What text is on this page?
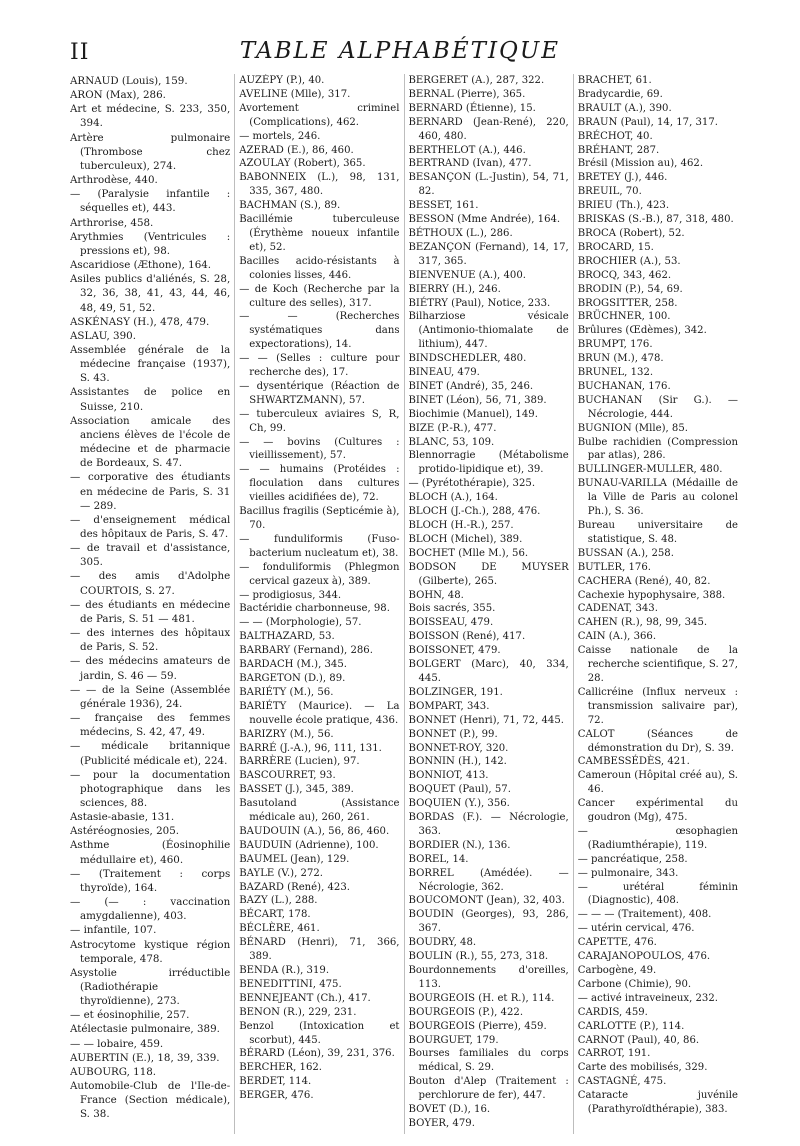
II	TABLE ALPHABÉTIQUE

ARNAUD (Louis), 159.

ARON (Max), 286.

Art et médecine, S. 233, 350, 394.

Artère pulmonaire (Thrombose chez tuberculeux), 274.

Arthrodèse, 440.

— (Paralysie infantile : séquelles et), 443.

Arthrorise, 458.

Arythmies (Ventricules : pressions et), 98.

Ascaridiose (Æthone), 164.

Asiles publics d'aliénés, S. 28, 32, 36, 38, 41, 43, 44, 46, 48, 49, 51, 52.

ASKÉNASY (H.), 478, 479.

ASLAU, 390.

Assemblée générale de la médecine française (1937), S. 43.

Assistantes de police en Suisse, 210.

Association amicale des anciens élèves de l'école de médecine et de pharmacie de Bordeaux, S. 47.

— corporative des étudiants en médecine de Paris, S. 31 — 289.

— d'enseignement médical des hôpitaux de Paris, S. 47.

— de travail et d'assistance, 305.

— des amis d'Adolphe COURTOIS, S. 27.

— des étudiants en médecine de Paris, S. 51 — 481.

— des internes des hôpitaux de Paris, S. 52.

— des médecins amateurs de jardin, S. 46 — 59.

— — de la Seine (Assemblée générale 1936), 24.

— française des femmes médecins, S. 42, 47, 49.

— médicale britannique (Publicité médicale et), 224.

— pour la documentation photographique dans les sciences, 88.

Astasie-abasie, 131.

Astéréognosies, 205.

Asthme (Éosinophilie médullaire et), 460.

— (Traitement : corps thyroïde), 164.

— (— : vaccination amygdalienne), 403.

— infantile, 107.

Astrocytome kystique région temporale, 478.

Asystolie irréductible (Radiothérapie thyroïdienne), 273.

— et éosinophilie, 257.

Atélectasie pulmonaire, 389.

— — lobaire, 459.

AUBERTIN (E.), 18, 39, 339.

AUBOURG, 118.

Automobile-Club de l'Ile-de-France (Section médicale), S. 38.

AUZÉPY (P.), 40.

AVELINE (Mlle), 317.

Avortement criminel (Complications), 462.

— mortels, 246.

AZERAD (E.), 86, 460.

AZOULAY (Robert), 365.

BABONNEIX (L.), 98, 131, 335, 367, 480.

BACHMAN (S.), 89.

Bacillémie tuberculeuse (Érythème noueux infantile et), 52.

Bacilles acido-résistants à colonies lisses, 446.

— de Koch (Recherche par la culture des selles), 317.

— — (Recherches systématiques dans expectorations), 14.

— — (Selles : culture pour recherche des), 17.

— dysentérique (Réaction de SHWARTZMANN), 57.

— tuberculeux aviaires S, R, Ch, 99.

— — bovins (Cultures : vieillissement), 57.

— — humains (Protéides : floculation dans cultures vieilles acidifiées de), 72.

Bacillus fragilis (Septicémie à), 70.

— funduliformis (Fuso-bacterium nucleatum et), 38.

— fonduliformis (Phlegmon cervical gazeux à), 389.

— prodigiosus, 344.

Bactéridie charbonneuse, 98.

— — (Morphologie), 57.

BALTHAZARD, 53.

BARBARY (Fernand), 286.

BARDACH (M.), 345.

BARGETON (D.), 89.

BARIÉTY (M.), 56.

BARIÉTY (Maurice). — La nouvelle école pratique, 436.

BARIZRY (M.), 56.

BARRÉ (J.-A.), 96, 111, 131.

BARRÈRE (Lucien), 97.

BASCOURRET, 93.

BASSET (J.), 345, 389.

Basutoland (Assistance médicale au), 260, 261.

BAUDOUIN (A.), 56, 86, 460.

BAUDUIN (Adrienne), 100.

BAUMEL (Jean), 129.

BAYLE (V.), 272.

BAZARD (René), 423.

BAZY (L.), 288.

BÉCART, 178.

BÉCLÈRE, 461.

BÉNARD (Henri), 71, 366, 389.

BENDA (R.), 319.

BENEDITTINI, 475.

BENNEJEANT (Ch.), 417.

BENON (R.), 229, 231.

Benzol (Intoxication et scorbut), 445.

BÉRARD (Léon), 39, 231, 376.

BERCHER, 162.

BERDET, 114.

BERGER, 476.

BERGERET (A.), 287, 322.

BERNAL (Pierre), 365.

BERNARD (Étienne), 15.

BERNARD (Jean-René), 220, 460, 480.

BERTHELOT (A.), 446.

BERTRAND (Ivan), 477.

BESANÇON (L.-Justin), 54, 71, 82.

BESSET, 161.

BESSON (Mme Andrée), 164.

BÉTHOUX (L.), 286.

BEZANÇON (Fernand), 14, 17, 317, 365.

BIENVENUE (A.), 400.

BIERRY (H.), 246.

BIÉTRY (Paul), Notice, 233.

Bilharziose vésicale (Antimonio-thiomalate de lithium), 447.

BINDSCHEDLER, 480.

BINEAU, 479.

BINET (André), 35, 246.

BINET (Léon), 56, 71, 389.

Biochimie (Manuel), 149.

BIZE (P.-R.), 477.

BLANC, 53, 109.

Blennorragie (Métabolisme protido-lipidique et), 39.

— (Pyrétothérapie), 325.

BLOCH (A.), 164.

BLOCH (J.-Ch.), 288, 476.

BLOCH (H.-R.), 257.

BLOCH (Michel), 389.

BOCHET (Mlle M.), 56.

BODSON DE MUYSER (Gilberte), 265.

BOHN, 48.

Bois sacrés, 355.

BOISSEAU, 479.

BOISSON (René), 417.

BOISSONET, 479.

BOLGERT (Marc), 40, 334, 445.

BOLZINGER, 191.

BOMPART, 343.

BONNET (Henri), 71, 72, 445.

BONNET (P.), 99.

BONNET-ROY, 320.

BONNIN (H.), 142.

BONNIOT, 413.

BOQUET (Paul), 57.

BOQUIEN (Y.), 356.

BORDAS (F.). — Nécrologie, 363.

BORDIER (N.), 136.

BOREL, 14.

BORREL (Amédée). — Nécrologie, 362.

BOUCOMONT (Jean), 32, 403.

BOUDIN (Georges), 93, 286, 367.

BOUDRY, 48.

BOULIN (R.), 55, 273, 318.

Bourdonnements d'oreilles, 113.

BOURGEOIS (H. et R.), 114.

BOURGEOIS (P.), 422.

BOURGEOIS (Pierre), 459.

BOURGUET, 179.

Bourses familiales du corps médical, S. 29.

Bouton d'Alep (Traitement : perchlorure de fer), 447.

BOVET (D.), 16.

BOYER, 479.

BRACHET, 61.

Bradycardie, 69.

BRAULT (A.), 390.

BRAUN (Paul), 14, 17, 317.

BRÉCHOT, 40.

BRÉHANT, 287.

Brésil (Mission au), 462.

BRETEY (J.), 446.

BREUIL, 70.

BRIEU (Th.), 423.

BRISKAS (S.-B.), 87, 318, 480.

BROCA (Robert), 52.

BROCARD, 15.

BROCHIER (A.), 53.

BROCQ, 343, 462.

BRODIN (P.), 54, 69.

BROGSITTER, 258.

BRÜCHNER, 100.

Brûlures (Œdèmes), 342.

BRUMPT, 176.

BRUN (M.), 478.

BRUNEL, 132.

BUCHANAN, 176.

BUCHANAN (Sir G.). — Nécrologie, 444.

BUGNION (Mlle), 85.

Bulbe rachidien (Compression par atlas), 286.

BULLINGER-MULLER, 480.

BUNAU-VARILLA (Médaille de la Ville de Paris au colonel Ph.), S. 36.

Bureau universitaire de statistique, S. 48.

BUSSAN (A.), 258.

BUTLER, 176.

CACHERA (René), 40, 82.

Cachexie hypophysaire, 388.

CADENAT, 343.

CAHEN (R.), 98, 99, 345.

CAIN (A.), 366.

Caisse nationale de la recherche scientifique, S. 27, 28.

Callicréine (Influx nerveux : transmission salivaire par), 72.

CALOT (Séances de démonstration du Dr), S. 39.

CAMBESSÉDÈS, 421.

Cameroun (Hôpital créé au), S. 46.

Cancer expérimental du goudron (Mg), 475.

— œsophagien (Radiumthérapie), 119.

— pancréatique, 258.

— pulmonaire, 343.

— urétéral féminin (Diagnostic), 408.

— — — (Traitement), 408.

— utérin cervical, 476.

CAPETTE, 476.

CARAJANOPOULOS, 476.

Carbogène, 49.

Carbone (Chimie), 90.

— activé intraveineux, 232.

CARDIS, 459.

CARLOTTE (P.), 114.

CARNOT (Paul), 40, 86.

CARROT, 191.

Carte des mobilisés, 329.

CASTAGNÉ, 475.

Cataracte juvénile (Parathyroïdthérapie), 383.
